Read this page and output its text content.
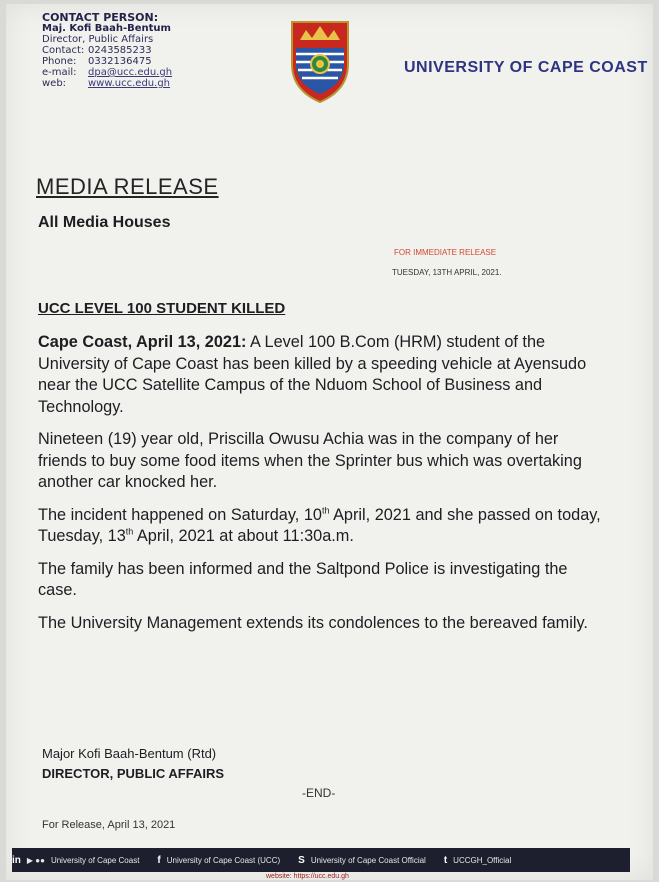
CONTACT PERSON:
Maj. Kofi Baah-Bentum
Director, Public Affairs
Contact: 0243585233
Phone:	0332136475
e-mail:	dpa@ucc.edu.gh
web:	www.ucc.edu.gh
UNIVERSITY OF CAPE COAST
MEDIA RELEASE
All Media Houses
FOR IMMEDIATE RELEASE
TUESDAY, 13TH APRIL, 2021.
UCC LEVEL 100 STUDENT KILLED

Cape Coast, April 13, 2021: A Level 100 B.Com (HRM) student of the University of Cape Coast has been killed by a speeding vehicle at Ayensudo near the UCC Satellite Campus of the Nduom School of Business and Technology.

Nineteen (19) year old, Priscilla Owusu Achia was in the company of her friends to buy some food items when the Sprinter bus which was overtaking another car knocked her.

The incident happened on Saturday, 10th April, 2021 and she passed on today, Tuesday, 13th April, 2021 at about 11:30a.m.

The family has been informed and the Saltpond Police is investigating the case.

The University Management extends its condolences to the bereaved family.

Major Kofi Baah-Bentum (Rtd)
DIRECTOR, PUBLIC AFFAIRS
-END-
For Release, April 13, 2021
in ▶ ●● University of Cape Coast f University of Cape Coast (UCC) S University of Cape Coast Official t UCCGH_Official
website: https://ucc.edu.gh
